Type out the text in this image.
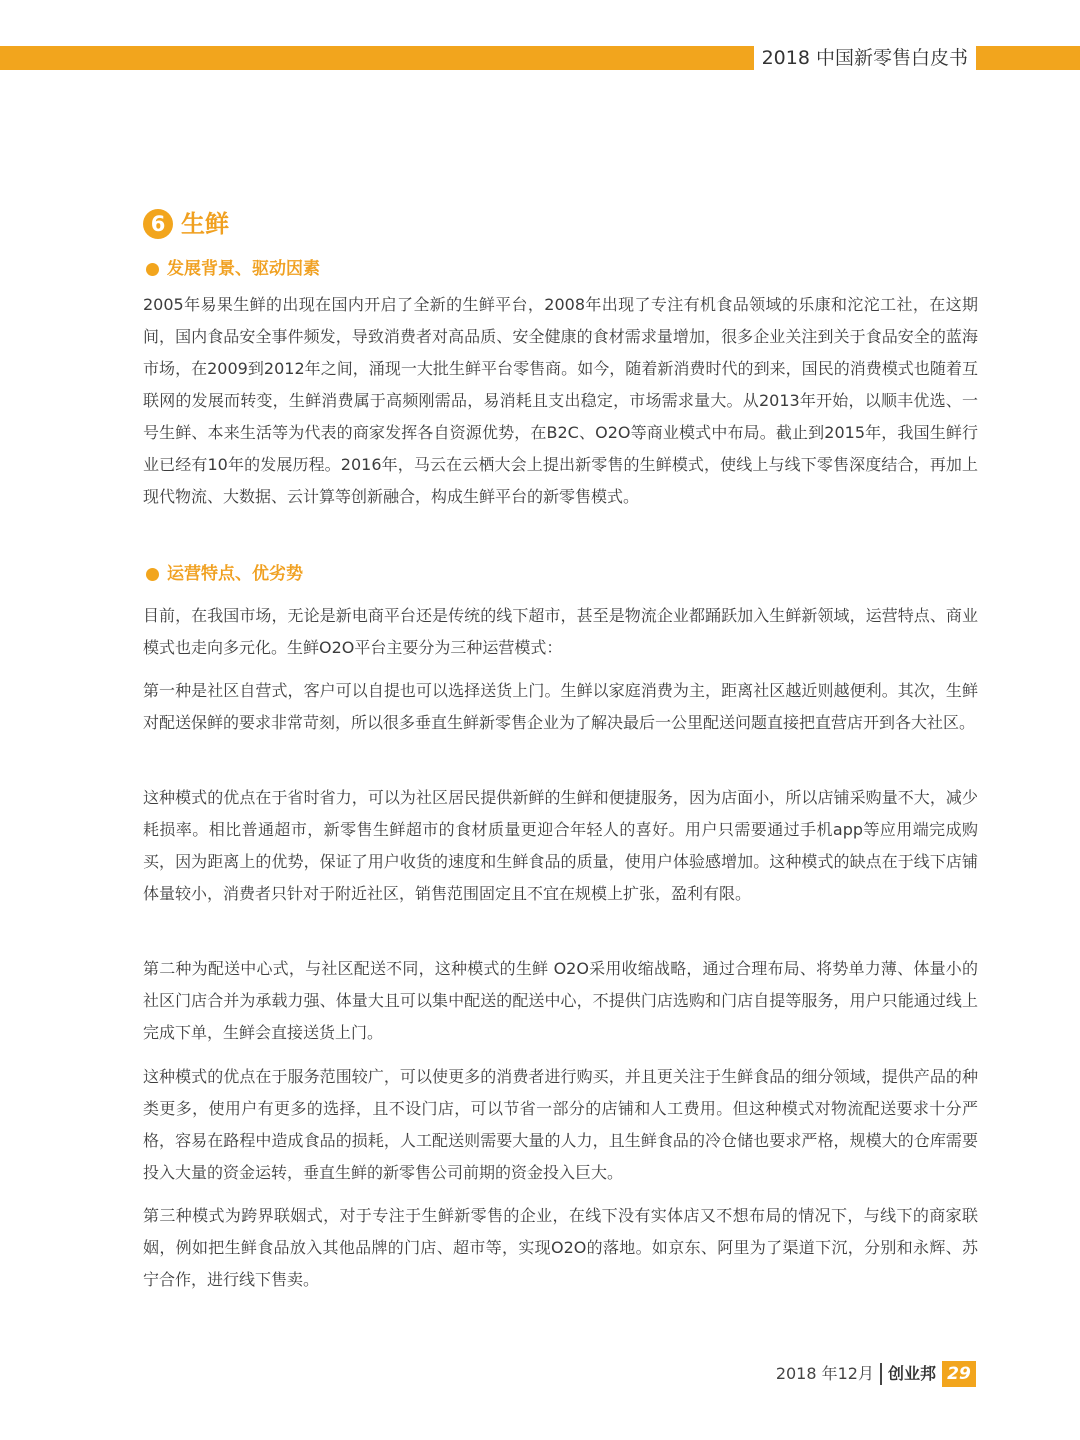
2018 中国新零售白皮书
6 生鲜
发展背景、驱动因素

2005年易果生鲜的出现在国内开启了全新的生鲜平台，2008年出现了专注有机食品领域的乐康和沱沱工社，在这期间，国内食品安全事件频发，导致消费者对高品质、安全健康的食材需求量增加，很多企业关注到关于食品安全的蓝海市场，在2009到2012年之间，涌现一大批生鲜平台零售商。如今，随着新消费时代的到来，国民的消费模式也随着互联网的发展而转变，生鲜消费属于高频刚需品，易消耗且支出稳定，市场需求量大。从2013年开始，以顺丰优选、一号生鲜、本来生活等为代表的商家发挥各自资源优势，在B2C、O2O等商业模式中布局。截止到2015年，我国生鲜行业已经有10年的发展历程。2016年，马云在云栖大会上提出新零售的生鲜模式，使线上与线下零售深度结合，再加上现代物流、大数据、云计算等创新融合，构成生鲜平台的新零售模式。

运营特点、优劣势

目前，在我国市场，无论是新电商平台还是传统的线下超市，甚至是物流企业都踊跃加入生鲜新领域，运营特点、商业模式也走向多元化。生鲜O2O平台主要分为三种运营模式：

第一种是社区自营式，客户可以自提也可以选择送货上门。生鲜以家庭消费为主，距离社区越近则越便利。其次，生鲜对配送保鲜的要求非常苛刻，所以很多垂直生鲜新零售企业为了解决最后一公里配送问题直接把直营店开到各大社区。

这种模式的优点在于省时省力，可以为社区居民提供新鲜的生鲜和便捷服务，因为店面小，所以店铺采购量不大，减少耗损率。相比普通超市，新零售生鲜超市的食材质量更迎合年轻人的喜好。用户只需要通过手机app等应用端完成购买，因为距离上的优势，保证了用户收货的速度和生鲜食品的质量，使用户体验感增加。这种模式的缺点在于线下店铺体量较小，消费者只针对于附近社区，销售范围固定且不宜在规模上扩张，盈利有限。

第二种为配送中心式，与社区配送不同，这种模式的生鲜 O2O采用收缩战略，通过合理布局、将势单力薄、体量小的社区门店合并为承载力强、体量大且可以集中配送的配送中心，不提供门店选购和门店自提等服务，用户只能通过线上完成下单，生鲜会直接送货上门。

这种模式的优点在于服务范围较广，可以使更多的消费者进行购买，并且更关注于生鲜食品的细分领域，提供产品的种类更多，使用户有更多的选择，且不设门店，可以节省一部分的店铺和人工费用。但这种模式对物流配送要求十分严格，容易在路程中造成食品的损耗，人工配送则需要大量的人力，且生鲜食品的冷仓储也要求严格，规模大的仓库需要投入大量的资金运转，垂直生鲜的新零售公司前期的资金投入巨大。

第三种模式为跨界联姻式，对于专注于生鲜新零售的企业，在线下没有实体店又不想布局的情况下，与线下的商家联姻，例如把生鲜食品放入其他品牌的门店、超市等，实现O2O的落地。如京东、阿里为了渠道下沉，分别和永辉、苏宁合作，进行线下售卖。

2018 年12月 创业邦 29
